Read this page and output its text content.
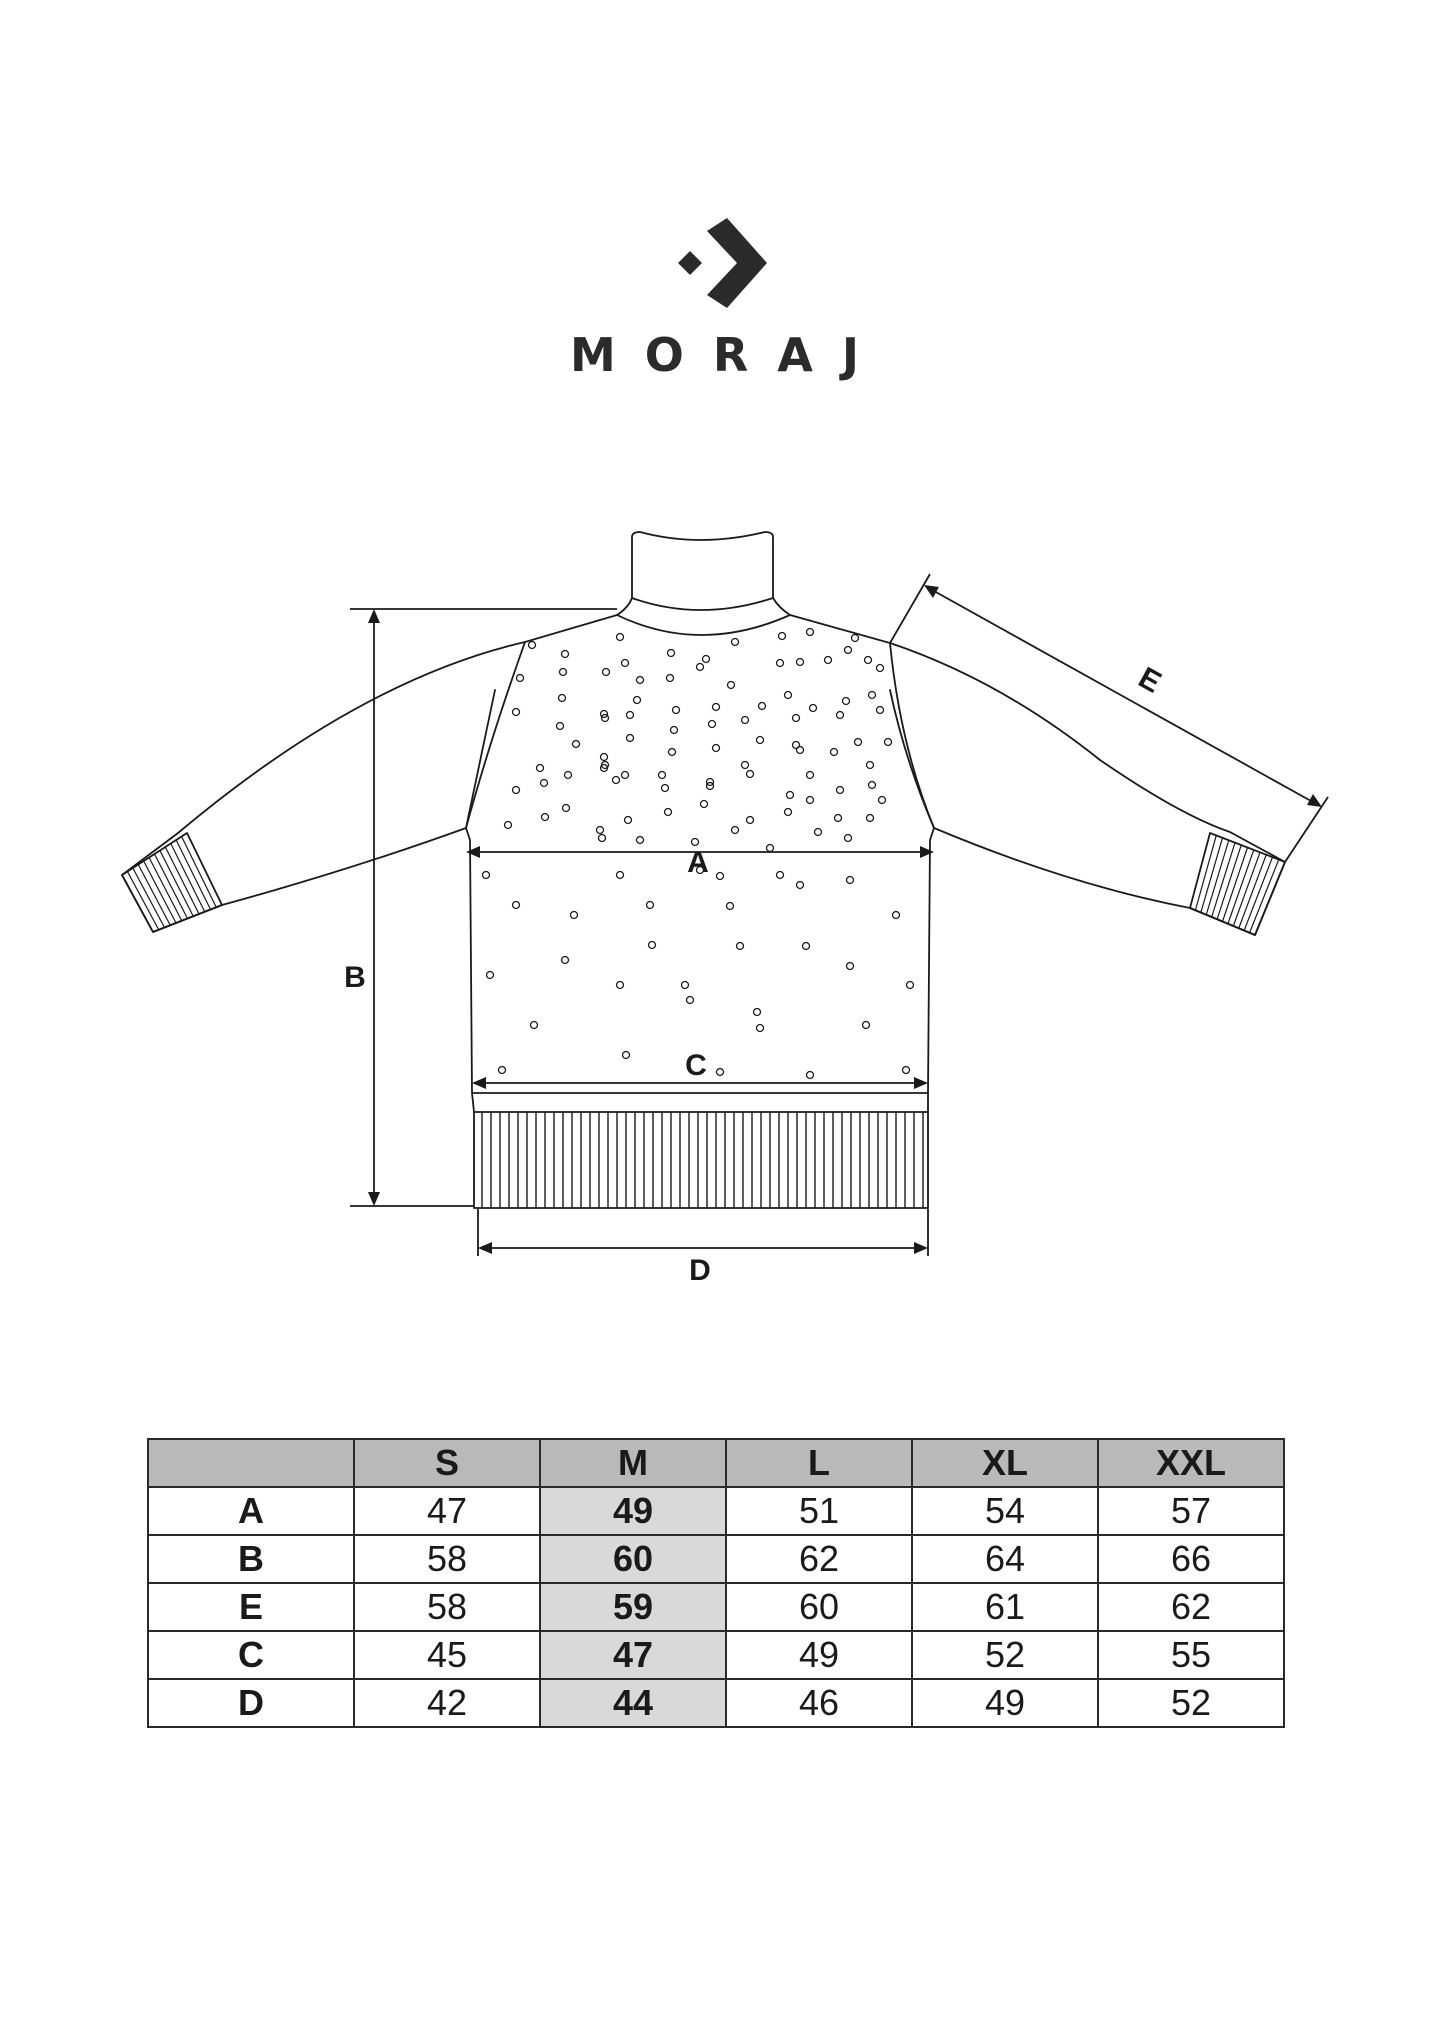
MORAJ
A
B
C
D
E
	S	M	L	XL	XXL
A	47	49	51	54	57
B	58	60	62	64	66
E	58	59	60	61	62
C	45	47	49	52	55
D	42	44	46	49	52
